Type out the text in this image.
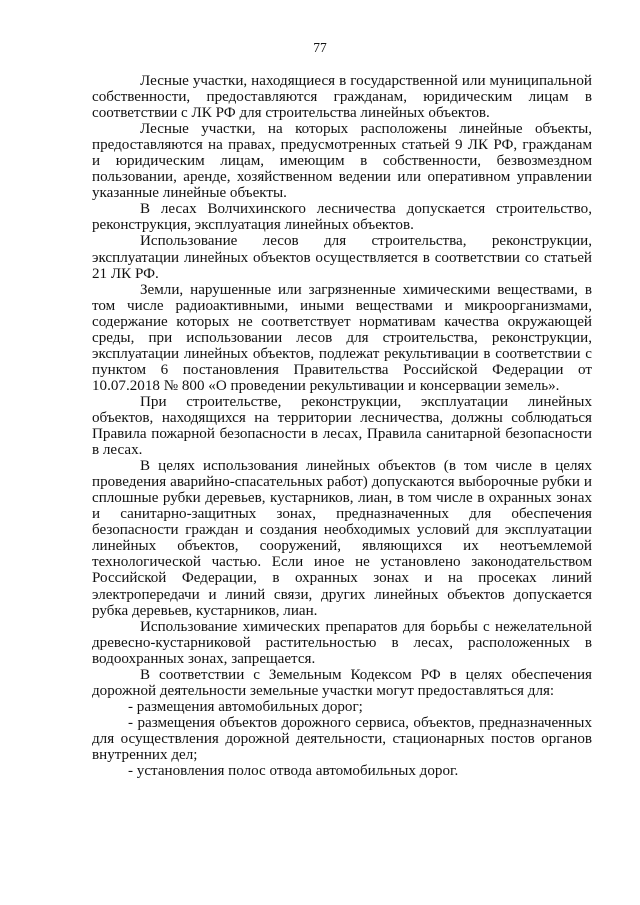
77

Лесные участки, находящиеся в государственной или муниципальной собственности, предоставляются гражданам, юридическим лицам в соответствии с ЛК РФ для строительства линейных объектов.

Лесные участки, на которых расположены линейные объекты, предоставляются на правах, предусмотренных статьей 9 ЛК РФ, гражданам и юридическим лицам, имеющим в собственности, безвозмездном пользовании, аренде, хозяйственном ведении или оперативном управлении указанные линейные объекты.

В лесах Волчихинского лесничества допускается строительство, реконструкция, эксплуатация линейных объектов.

Использование лесов для строительства, реконструкции, эксплуатации линейных объектов осуществляется в соответствии со статьей 21 ЛК РФ.

Земли, нарушенные или загрязненные химическими веществами, в том числе радиоактивными, иными веществами и микроорганизмами, содержание которых не соответствует нормативам качества окружающей среды, при использовании лесов для строительства, реконструкции, эксплуатации линейных объектов, подлежат рекультивации в соответствии с пунктом 6 постановления Правительства Российской Федерации от 10.07.2018 № 800 «О проведении рекультивации и консервации земель».

При строительстве, реконструкции, эксплуатации линейных объектов, находящихся на территории лесничества, должны соблюдаться Правила пожарной безопасности в лесах, Правила санитарной безопасности в лесах.

В целях использования линейных объектов (в том числе в целях проведения аварийно-спасательных работ) допускаются выборочные рубки и сплошные рубки деревьев, кустарников, лиан, в том числе в охранных зонах и санитарно-защитных зонах, предназначенных для обеспечения безопасности граждан и создания необходимых условий для эксплуатации линейных объектов, сооружений, являющихся их неотъемлемой технологической частью. Если иное не установлено законодательством Российской Федерации, в охранных зонах и на просеках линий электропередачи и линий связи, других линейных объектов допускается рубка деревьев, кустарников, лиан.

Использование химических препаратов для борьбы с нежелательной древесно-кустарниковой растительностью в лесах, расположенных в водоохранных зонах, запрещается.

В соответствии с Земельным Кодексом РФ в целях обеспечения дорожной деятельности земельные участки могут предоставляться для:

- размещения автомобильных дорог;

- размещения объектов дорожного сервиса, объектов, предназначенных для осуществления дорожной деятельности, стационарных постов органов внутренних дел;

- установления полос отвода автомобильных дорог.
